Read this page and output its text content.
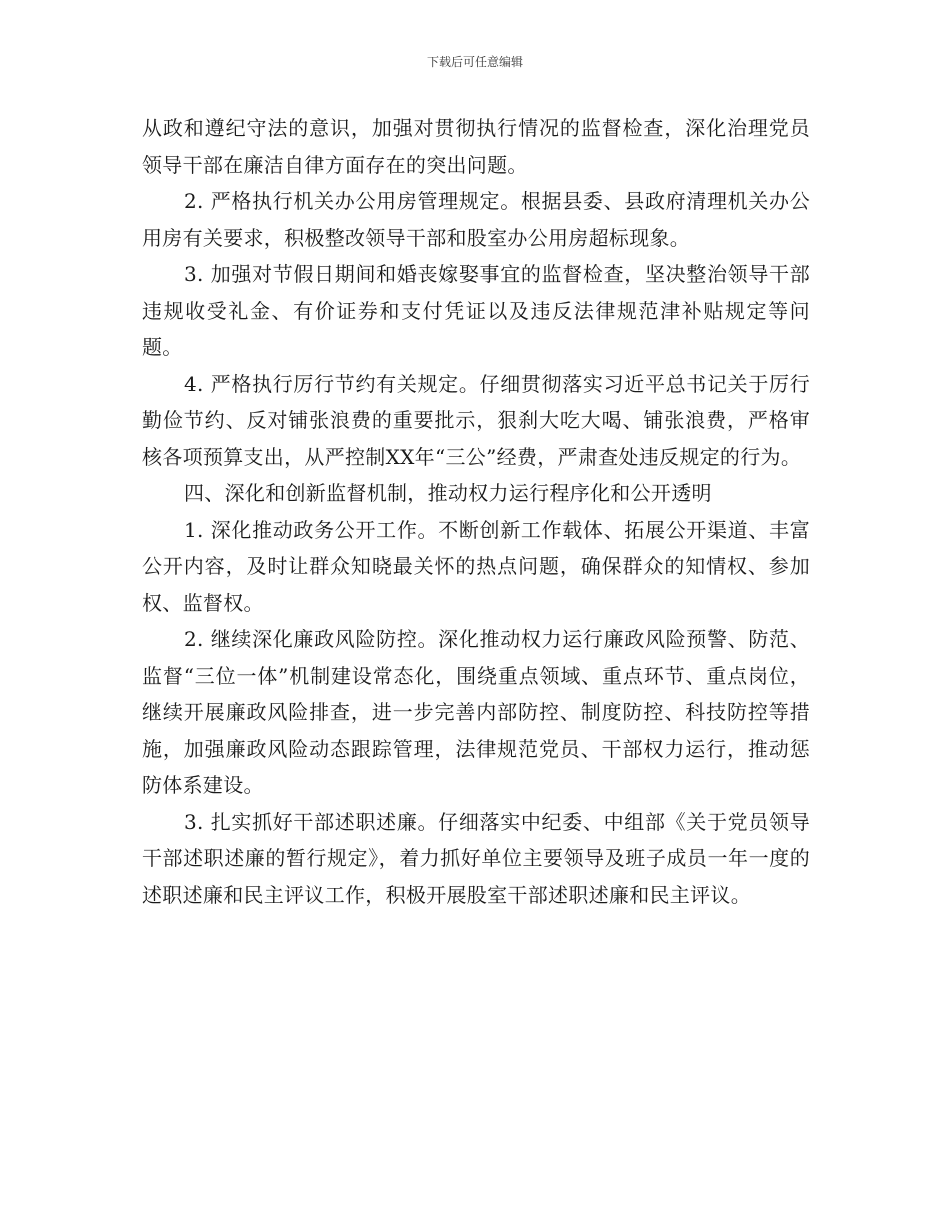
下载后可任意编辑

从政和遵纪守法的意识，加强对贯彻执行情况的监督检查，深化治理党员领导干部在廉洁自律方面存在的突出问题。

2. 严格执行机关办公用房管理规定。根据县委、县政府清理机关办公用房有关要求，积极整改领导干部和股室办公用房超标现象。

3. 加强对节假日期间和婚丧嫁娶事宜的监督检查，坚决整治领导干部违规收受礼金、有价证券和支付凭证以及违反法律规范津补贴规定等问题。

4. 严格执行厉行节约有关规定。仔细贯彻落实习近平总书记关于厉行勤俭节约、反对铺张浪费的重要批示，狠刹大吃大喝、铺张浪费，严格审核各项预算支出，从严控制XX年“三公”经费，严肃查处违反规定的行为。

四、深化和创新监督机制，推动权力运行程序化和公开透明

1. 深化推动政务公开工作。不断创新工作载体、拓展公开渠道、丰富公开内容，及时让群众知晓最关怀的热点问题，确保群众的知情权、参加权、监督权。

2. 继续深化廉政风险防控。深化推动权力运行廉政风险预警、防范、监督“三位一体”机制建设常态化，围绕重点领域、重点环节、重点岗位，继续开展廉政风险排查，进一步完善内部防控、制度防控、科技防控等措施，加强廉政风险动态跟踪管理，法律规范党员、干部权力运行，推动惩防体系建设。

3. 扎实抓好干部述职述廉。仔细落实中纪委、中组部《关于党员领导干部述职述廉的暂行规定》，着力抓好单位主要领导及班子成员一年一度的述职述廉和民主评议工作，积极开展股室干部述职述廉和民主评议。
